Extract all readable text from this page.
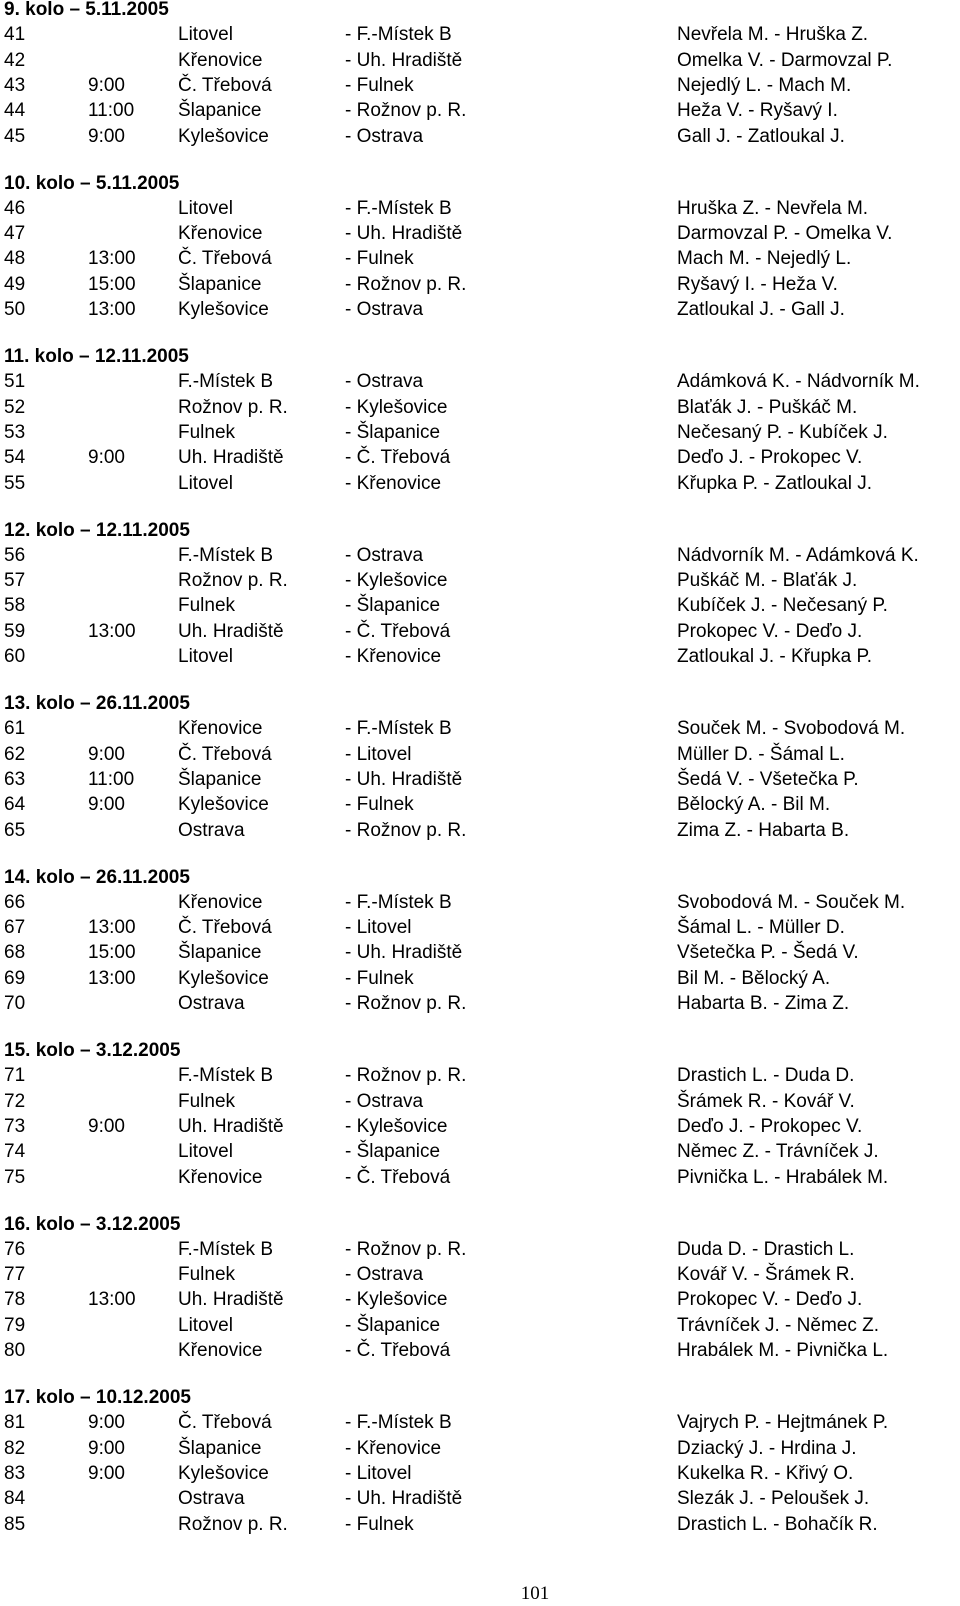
9. kolo – 5.11.2005
41	Litovel	- F.-Místek B	Nevřela M. - Hruška Z.
42	Křenovice	- Uh. Hradiště	Omelka V. - Darmovzal P.
43	9:00	Č. Třebová	- Fulnek	Nejedlý L. - Mach M.
44	11:00 Šlapanice	- Rožnov p. R.	Heža V. - Ryšavý I.
45	9:00	Kylešovice	- Ostrava	Gall J. - Zatloukal J.
10. kolo – 5.11.2005
46	Litovel	- F.-Místek B	Hruška Z. - Nevřela M.
47	Křenovice	- Uh. Hradiště	Darmovzal P. - Omelka V.
48	13:00 Č. Třebová	- Fulnek	Mach M. - Nejedlý L.
49	15:00 Šlapanice	- Rožnov p. R.	Ryšavý I. - Heža V.
50	13:00 Kylešovice	- Ostrava	Zatloukal J. - Gall J.
11. kolo – 12.11.2005
51	F.-Místek B	- Ostrava	Adámková K. - Nádvorník M.
52	Rožnov p. R.	- Kylešovice	Blaťák J. - Puškáč M.
53	Fulnek	- Šlapanice	Nečesaný P. - Kubíček J.
54	9:00	Uh. Hradiště	- Č. Třebová	Deďo J. - Prokopec V.
55	Litovel	- Křenovice	Křupka P. - Zatloukal J.
12. kolo – 12.11.2005
56	F.-Místek B	- Ostrava	Nádvorník M. - Adámková K.
57	Rožnov p. R.	- Kylešovice	Puškáč M. - Blaťák J.
58	Fulnek	- Šlapanice	Kubíček J. - Nečesaný P.
59	13:00 Uh. Hradiště	- Č. Třebová	Prokopec V. - Deďo J.
60	Litovel	- Křenovice	Zatloukal J. - Křupka P.
13. kolo – 26.11.2005
61	Křenovice	- F.-Místek B	Souček M. - Svobodová M.
62	9:00	Č. Třebová	- Litovel	Müller D. - Šámal L.
63	11:00 Šlapanice	- Uh. Hradiště	Šedá V. - Všetečka P.
64	9:00	Kylešovice	- Fulnek	Bělocký A. - Bil M.
65	Ostrava	- Rožnov p. R.	Zima Z. - Habarta B.
14. kolo – 26.11.2005
66	Křenovice	- F.-Místek B	Svobodová M. - Souček M.
67	13:00 Č. Třebová	- Litovel	Šámal L. - Müller D.
68	15:00 Šlapanice	- Uh. Hradiště	Všetečka P. - Šedá V.
69	13:00 Kylešovice	- Fulnek	Bil M. - Bělocký A.
70	Ostrava	- Rožnov p. R.	Habarta B. - Zima Z.
15. kolo – 3.12.2005
71	F.-Místek B	- Rožnov p. R.	Drastich L. - Duda D.
72	Fulnek	- Ostrava	Šrámek R. - Kovář V.
73	9:00	Uh. Hradiště	- Kylešovice	Deďo J. - Prokopec V.
74	Litovel	- Šlapanice	Němec Z. - Trávníček J.
75	Křenovice	- Č. Třebová	Pivnička L. - Hrabálek M.
16. kolo – 3.12.2005
76	F.-Místek B	- Rožnov p. R.	Duda D. - Drastich L.
77	Fulnek	- Ostrava	Kovář V. - Šrámek R.
78	13:00 Uh. Hradiště	- Kylešovice	Prokopec V. - Deďo J.
79	Litovel	- Šlapanice	Trávníček J. - Němec Z.
80	Křenovice	- Č. Třebová	Hrabálek M. - Pivnička L.
17. kolo – 10.12.2005
81	9:00	Č. Třebová	- F.-Místek B	Vajrych P. - Hejtmánek P.
82	9:00	Šlapanice	- Křenovice	Dziacký J. - Hrdina J.
83	9:00	Kylešovice	- Litovel	Kukelka R. - Křivý O.
84	Ostrava	- Uh. Hradiště	Slezák J. - Peloušek J.
85	Rožnov p. R.	- Fulnek	Drastich L. - Bohačík R.
101
